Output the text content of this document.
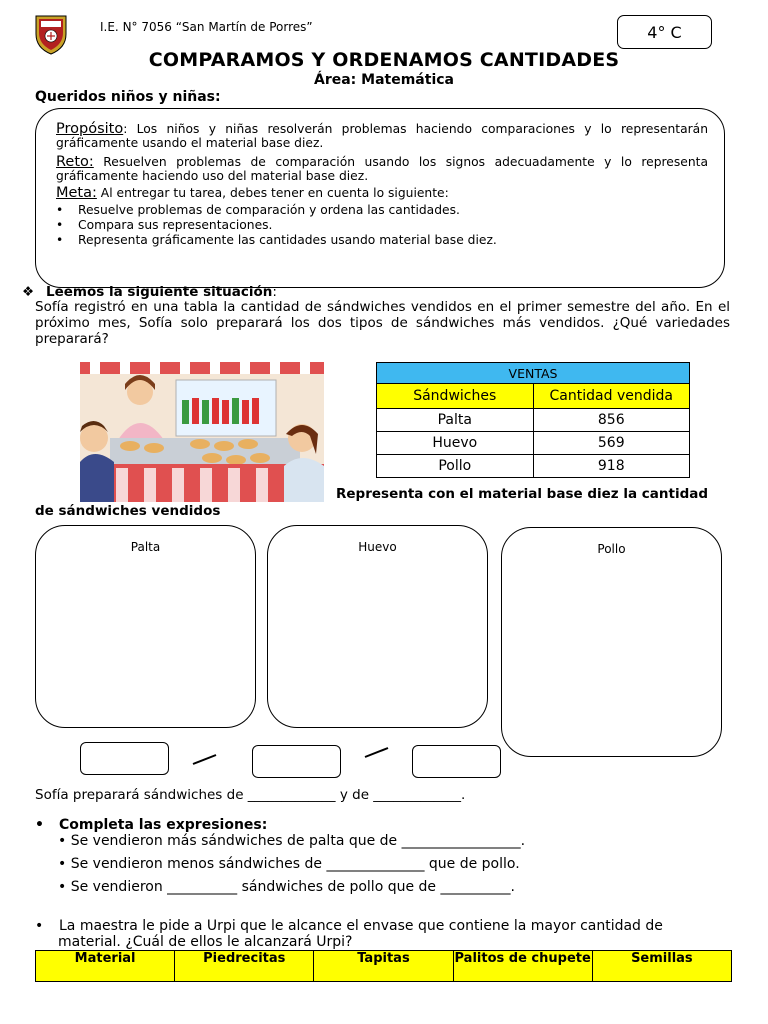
I.E. N° 7056 “San Martín de Porres”	4° C
COMPARAMOS Y ORDENAMOS CANTIDADES
Área: Matemática
Queridos niños y niñas:
Propósito: Los niños y niñas resolverán problemas haciendo comparaciones y lo representarán gráficamente usando el material base diez.
Reto: Resuelven problemas de comparación usando los signos adecuadamente y lo representa gráficamente haciendo uso del material base diez.
Meta: Al entregar tu tarea, debes tener en cuenta lo siguiente:
• Resuelve problemas de comparación y ordena las cantidades.
• Compara sus representaciones.
• Representa gráficamente las cantidades usando material base diez.
❖ Leemos la siguiente situación:
Sofía registró en una tabla la cantidad de sándwiches vendidos en el primer semestre del año. En el próximo mes, Sofía solo preparará los dos tipos de sándwiches más vendidos. ¿Qué variedades preparará?
VENTAS	
Sándwiches	Cantidad vendida
Palta	856
Huevo	569
Pollo	918
Representa con el material base diez la cantidad
de sándwiches vendidos
Palta	Huevo	Pollo
Sofía preparará sándwiches de _____________ y de _____________.
• Completa las expresiones:
• Se vendieron más sándwiches de palta que de _________________.
• Se vendieron menos sándwiches de ______________ que de pollo.
• Se vendieron __________ sándwiches de pollo que de __________.
• La maestra le pide a Urpi que le alcance el envase que contiene la mayor cantidad de
material. ¿Cuál de ellos le alcanzará Urpi?
Material	Piedrecitas	Tapitas	Palitos de chupete	Semillas
